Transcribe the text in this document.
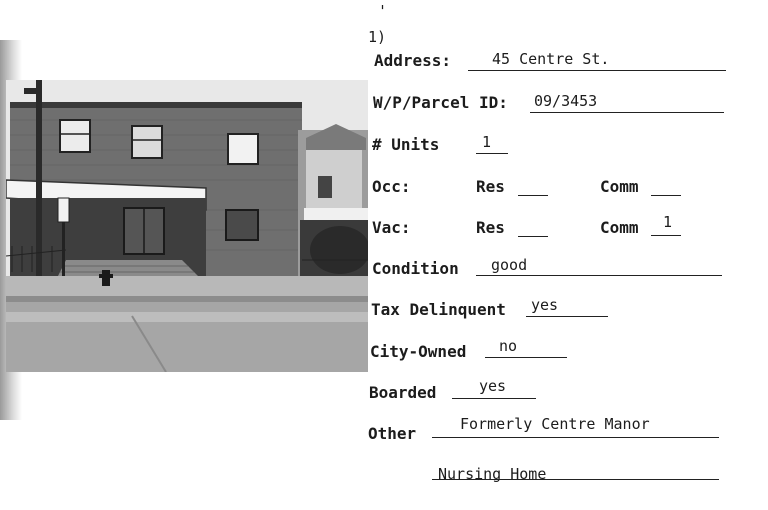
'
1)
Address:	45 Centre St.
W/P/Parcel ID: 09/3453
# Units	1
Occ:	Res	Comm
Vac:	Res	Comm 1
Condition good
Tax Delinquent yes
City-Owned no
Boarded	yes
Other	Formerly Centre Manor
Nursing Home
